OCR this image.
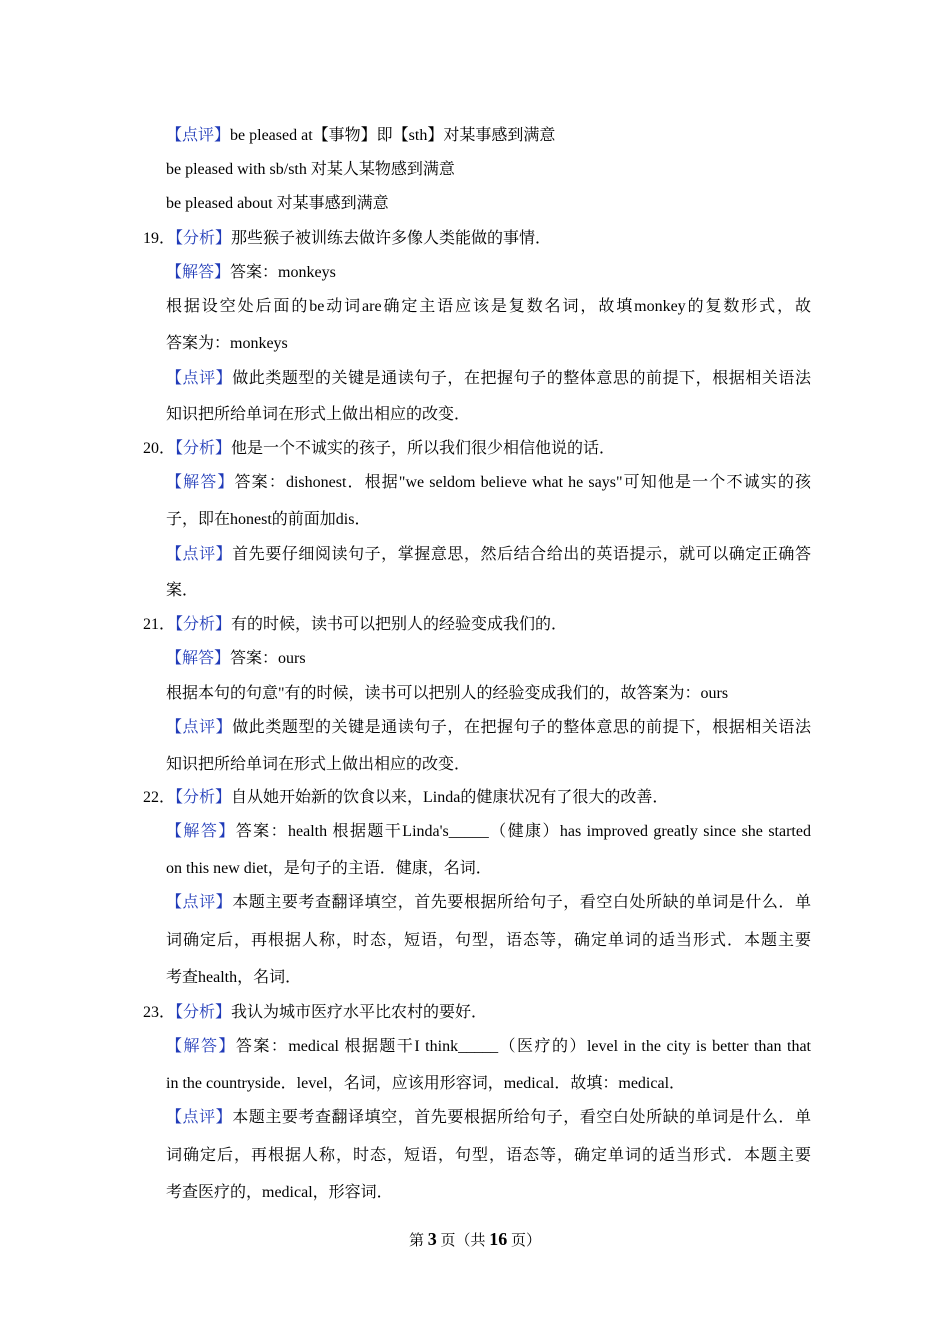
【点评】be pleased at【事物】即【sth】对某事感到满意
be pleased with sb/sth 对某人某物感到满意
be pleased about 对某事感到满意
19．【分析】那些猴子被训练去做许多像人类能做的事情．
【解答】答案：monkeys
根据设空处后面的be动词are确定主语应该是复数名词，故填monkey的复数形式，故
答案为：monkeys
【点评】做此类题型的关键是通读句子，在把握句子的整体意思的前提下，根据相关语法
知识把所给单词在形式上做出相应的改变．
20．【分析】他是一个不诚实的孩子，所以我们很少相信他说的话．
【解答】答案：dishonest．根据"we seldom believe what he says"可知他是一个不诚实的孩
子，即在honest的前面加dis．
【点评】首先要仔细阅读句子，掌握意思，然后结合给出的英语提示，就可以确定正确答
案．
21．【分析】有的时候，读书可以把别人的经验变成我们的．
【解答】答案：ours
根据本句的句意"有的时候，读书可以把别人的经验变成我们的，故答案为：ours
【点评】做此类题型的关键是通读句子，在把握句子的整体意思的前提下，根据相关语法
知识把所给单词在形式上做出相应的改变．
22．【分析】自从她开始新的饮食以来，Linda的健康状况有了很大的改善．
【解答】答案：health 根据题干Linda's_____（健康）has improved greatly since she started
on this new diet，是句子的主语．健康，名词．
【点评】本题主要考查翻译填空，首先要根据所给句子，看空白处所缺的单词是什么．单
词确定后，再根据人称，时态，短语，句型，语态等，确定单词的适当形式．本题主要
考查health，名词．
23．【分析】我认为城市医疗水平比农村的要好．
【解答】答案：medical 根据题干I think_____（医疗的）level in the city is better than that
in the countryside．level，名词，应该用形容词，medical．故填：medical．
【点评】本题主要考查翻译填空，首先要根据所给句子，看空白处所缺的单词是什么．单
词确定后，再根据人称，时态，短语，句型，语态等，确定单词的适当形式．本题主要
考查医疗的，medical，形容词．
第 3 页（共 16 页）
